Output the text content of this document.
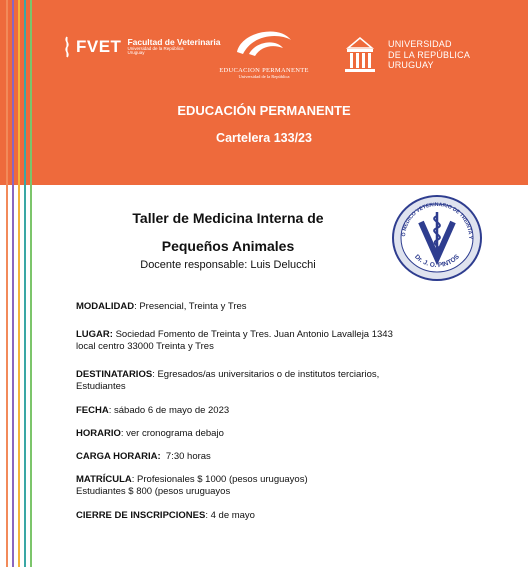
FVET Facultad de Veterinaria
Universidad de la República
Uruguay
EDUCACION PERMANENTE
Universidad de la República
UNIVERSIDAD
DE LA REPÚBLICA
URUGUAY
EDUCACIÓN PERMANENTE
Cartelera 133/23
Taller de Medicina Interna de
Pequeños Animales
Docente responsable: Luis Delucchi
O MEDICO VETERINARIO DE TREINTA Y
Dr. J. O. PINTOS

MODALIDAD: Presencial, Treinta y Tres

LUGAR: Sociedad Fomento de Treinta y Tres. Juan Antonio Lavalleja 1343

local centro 33000 Treinta y Tres

DESTINATARIOS: Egresados/as universitarios o de institutos terciarios,

Estudiantes

FECHA: sábado 6 de mayo de 2023

HORARIO: ver cronograma debajo

CARGA HORARIA:  7:30 horas

MATRÍCULA: Profesionales $ 1000 (pesos uruguayos)

Estudiantes $ 800 (pesos uruguayos

CIERRE DE INSCRIPCIONES: 4 de mayo
